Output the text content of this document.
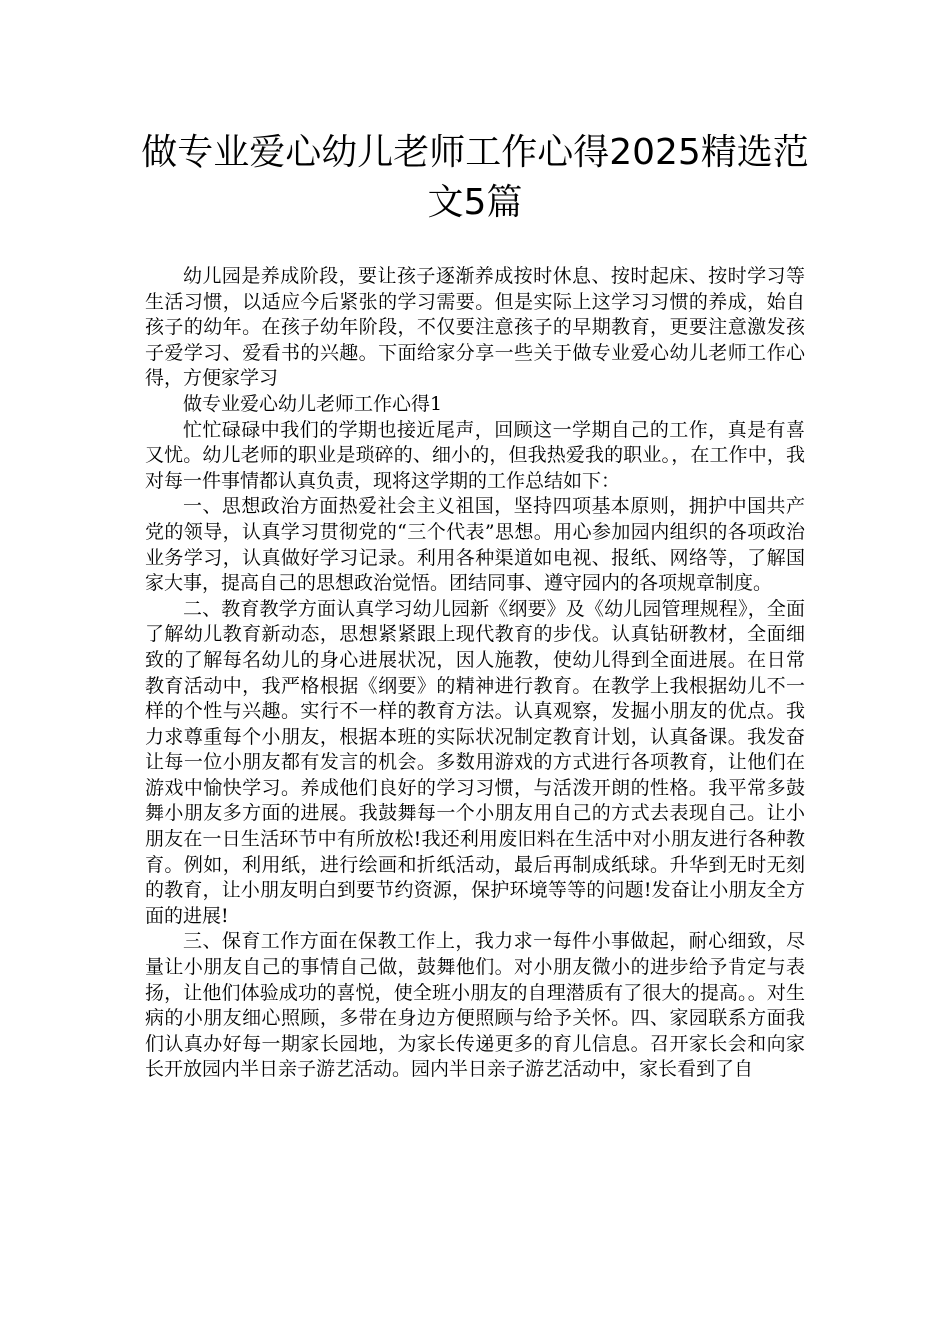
做专业爱心幼儿老师工作心得2025精选范文5篇

幼儿园是养成阶段，要让孩子逐渐养成按时休息、按时起床、按时学习等生活习惯，以适应今后紧张的学习需要。但是实际上这学习习惯的养成，始自孩子的幼年。在孩子幼年阶段，不仅要注意孩子的早期教育，更要注意激发孩子爱学习、爱看书的兴趣。下面给家分享一些关于做专业爱心幼儿老师工作心得，方便家学习

做专业爱心幼儿老师工作心得1

忙忙碌碌中我们的学期也接近尾声，回顾这一学期自己的工作，真是有喜又忧。幼儿老师的职业是琐碎的、细小的，但我热爱我的职业。，在工作中，我对每一件事情都认真负责，现将这学期的工作总结如下：

一、思想政治方面热爱社会主义祖国，坚持四项基本原则，拥护中国共产党的领导，认真学习贯彻党的“三个代表”思想。用心参加园内组织的各项政治业务学习，认真做好学习记录。利用各种渠道如电视、报纸、网络等，了解国家大事，提高自己的思想政治觉悟。团结同事、遵守园内的各项规章制度。

二、教育教学方面认真学习幼儿园新《纲要》及《幼儿园管理规程》，全面了解幼儿教育新动态，思想紧紧跟上现代教育的步伐。认真钻研教材，全面细致的了解每名幼儿的身心进展状况，因人施教，使幼儿得到全面进展。在日常教育活动中，我严格根据《纲要》的精神进行教育。在教学上我根据幼儿不一样的个性与兴趣。实行不一样的教育方法。认真观察，发掘小朋友的优点。我力求尊重每个小朋友，根据本班的实际状况制定教育计划，认真备课。我发奋让每一位小朋友都有发言的机会。多数用游戏的方式进行各项教育，让他们在游戏中愉快学习。养成他们良好的学习习惯，与活泼开朗的性格。我平常多鼓舞小朋友多方面的进展。我鼓舞每一个小朋友用自己的方式去表现自己。让小朋友在一日生活环节中有所放松!我还利用废旧料在生活中对小朋友进行各种教育。例如，利用纸，进行绘画和折纸活动，最后再制成纸球。升华到无时无刻的教育，让小朋友明白到要节约资源，保护环境等等的问题!发奋让小朋友全方面的进展!

三、保育工作方面在保教工作上，我力求一每件小事做起，耐心细致，尽量让小朋友自己的事情自己做，鼓舞他们。对小朋友微小的进步给予肯定与表扬，让他们体验成功的喜悦，使全班小朋友的自理潜质有了很大的提高。。对生病的小朋友细心照顾，多带在身边方便照顾与给予关怀。四、家园联系方面我们认真办好每一期家长园地，为家长传递更多的育儿信息。召开家长会和向家长开放园内半日亲子游艺活动。园内半日亲子游艺活动中，家长看到了自
